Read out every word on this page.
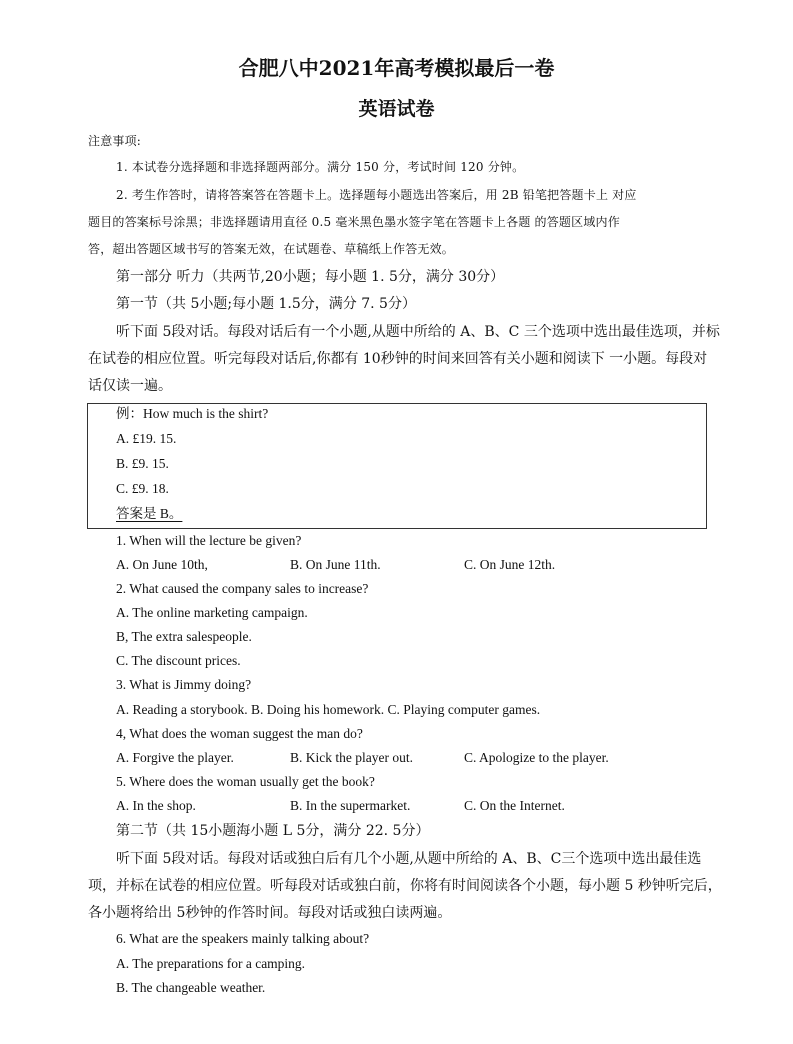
合肥八中2021年高考模拟最后一卷
英语试卷
注意事项:
1. 本试卷分选择题和非选择题两部分。满分 150 分，考试时间 120 分钟。
2. 考生作答时，请将答案答在答题卡上。选择题每小题选出答案后，用 2B 铅笔把答题卡上 对应
题目的答案标号涂黑；非选择题请用直径 0.5 毫米黑色墨水签字笔在答题卡上各题 的答题区域内作
答，超出答题区域书写的答案无效，在试题卷、草稿纸上作答无效。
第一部分 听力（共两节,20小题；每小题 1. 5分，满分 30分）
第一节（共 5小题;每小题 1.5分，满分 7. 5分）
听下面 5段对话。每段对话后有一个小题,从题中所给的 A、B、C 三个选项中选出最佳选项，并标
在试卷的相应位置。听完每段对话后,你都有 10秒钟的时间来回答有关小题和阅读下 一小题。每段对
话仅读一遍。
例：How much is the shirt?
A. £19. 15.
B. £9. 15.
C. £9. 18.
答案是 B。
1. When will the lecture be given?
A. On June 10th,	B. On June 11th.	C. On June 12th.
2. What caused the company sales to increase?
A. The online marketing campaign.
B, The extra salespeople.
C. The discount prices.
3. What is Jimmy doing?
A. Reading a storybook. B. Doing his homework. C. Playing computer games.
4, What does the woman suggest the man do?
A. Forgive the player.	B. Kick the player out.	C. Apologize to the player.
5. Where does the woman usually get the book?
A. In the shop.	B. In the supermarket.	C. On the Internet.
第二节（共 15小题海小题 L 5分，满分 22. 5分）
听下面 5段对话。每段对话或独白后有几个小题,从题中所给的 A、B、C三个选项中选出最佳选
项，并标在试卷的相应位置。听每段对话或独白前，你将有时间阅读各个小题，每小题 5 秒钟听完后，
各小题将给出 5秒钟的作答时间。每段对话或独白读两遍。
6. What are the speakers mainly talking about?
A. The preparations for a camping.
B. The changeable weather.
